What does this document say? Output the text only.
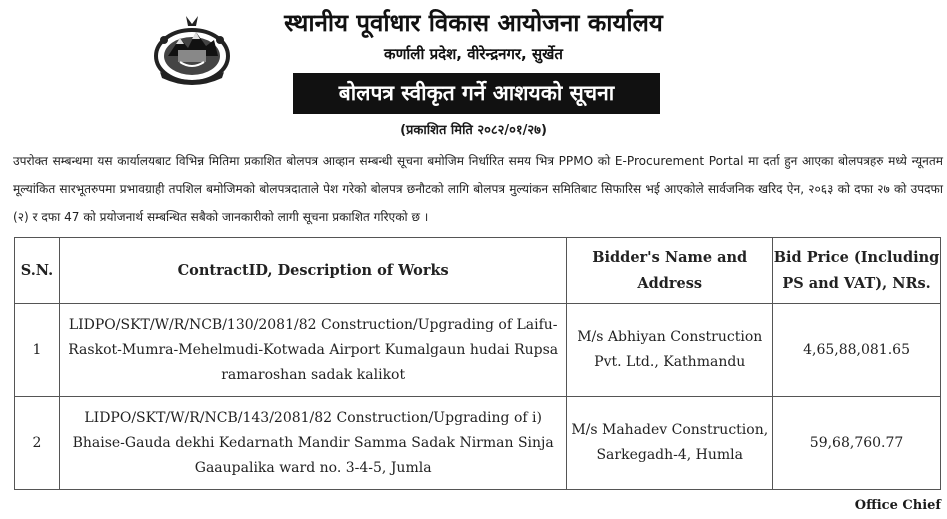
स्थानीय पूर्वाधार विकास आयोजना कार्यालय
कर्णाली प्रदेश, वीरेन्द्रनगर, सुर्खेत
बोलपत्र स्वीकृत गर्ने आशयको सूचना
(प्रकाशित मिति २०८२/०१/२७)

उपरोक्त सम्बन्धमा यस कार्यालयबाट विभिन्न मितिमा प्रकाशित बोलपत्र आव्हान सम्बन्धी सूचना बमोजिम निर्धारित समय भित्र PPMO को E-Procurement Portal मा दर्ता हुन आएका बोलपत्रहरु मध्ये न्यूनतम मूल्यांकित सारभूतरुपमा प्रभावग्राही तपशिल बमोजिमको बोलपत्रदाताले पेश गरेको बोलपत्र छनौटको लागि बोलपत्र मुल्यांकन समितिबाट सिफारिस भई आएकोले सार्वजनिक खरिद ऐन, २०६३ को दफा २७ को उपदफा (२) र दफा 47 को प्रयोजनार्थ सम्बन्धित सबैको जानकारीको लागी सूचना प्रकाशित गरिएको छ ।

S.N.	ContractID, Description of Works	Bidder's Name and Address	Bid Price (Including PS and VAT), NRs.
1	LIDPO/SKT/W/R/NCB/130/2081/82 Construction/Upgrading of Laifu- Raskot-Mumra-Mehelmudi-Kotwada Airport Kumalgaun hudai Rupsa ramaroshan sadak kalikot	M/s Abhiyan Construction Pvt. Ltd., Kathmandu	4,65,88,081.65
2	LIDPO/SKT/W/R/NCB/143/2081/82 Construction/Upgrading of i) Bhaise-Gauda dekhi Kedarnath Mandir Samma Sadak Nirman Sinja Gaaupalika ward no. 3-4-5, Jumla	M/s Mahadev Construction, Sarkegadh-4, Humla	59,68,760.77
Office Chief
